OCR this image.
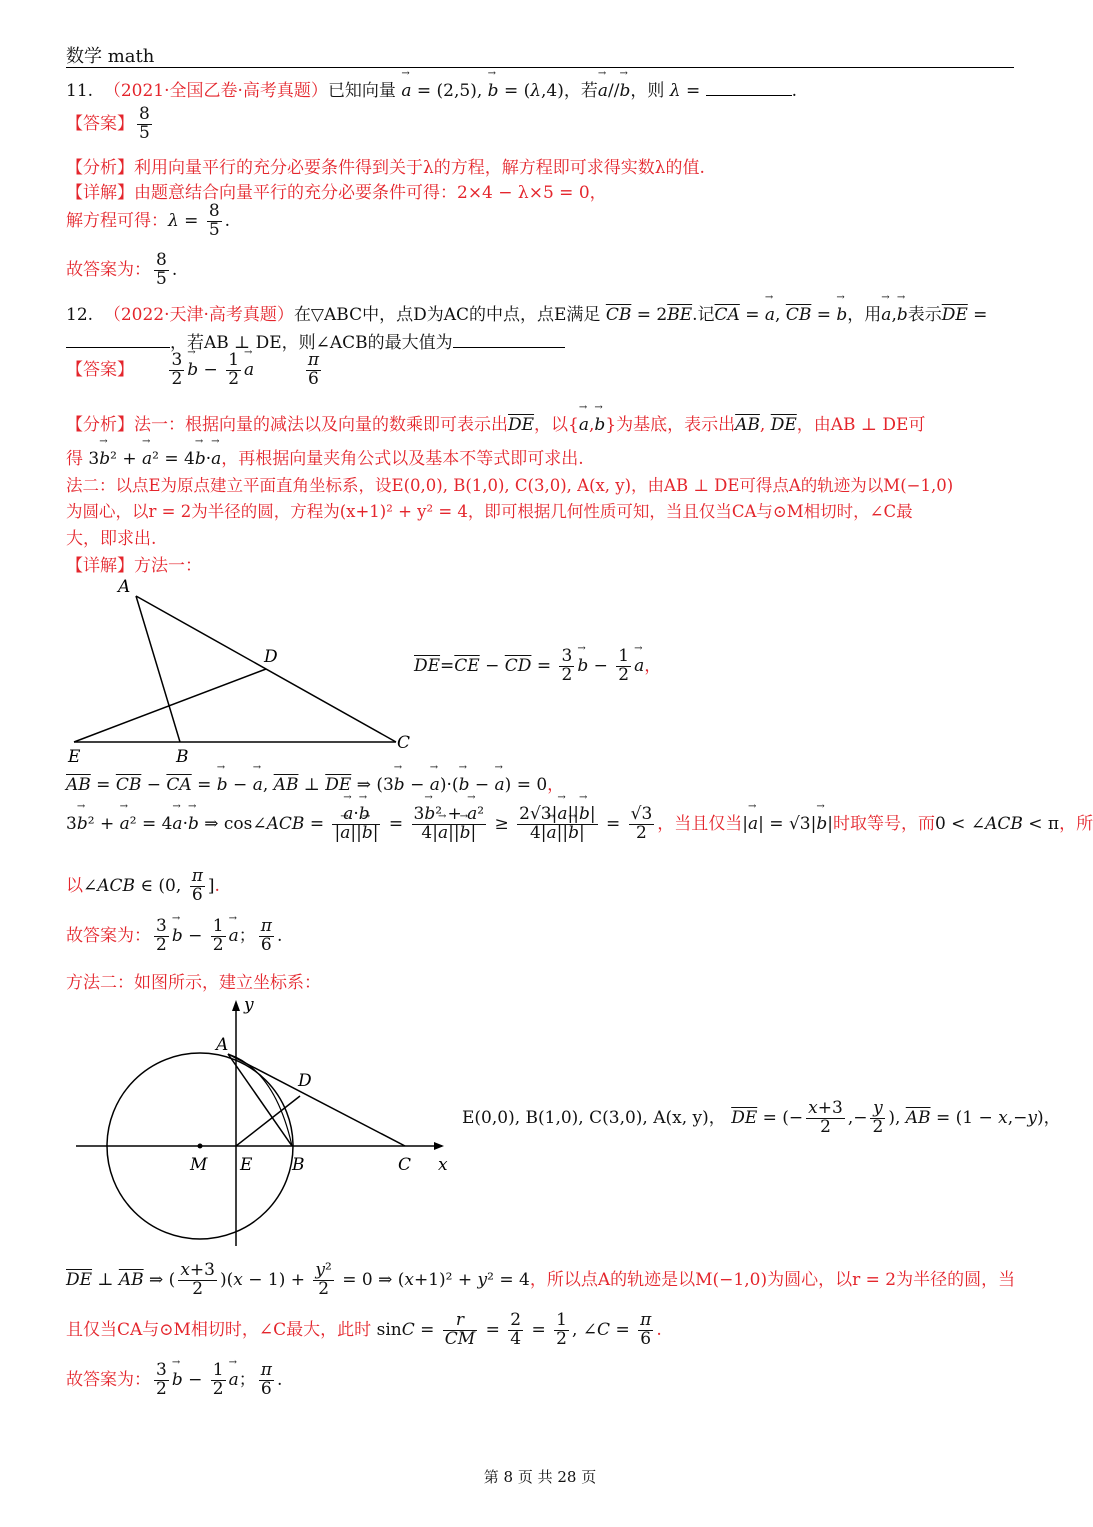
数学 math
11. （2021·全国乙卷·高考真题）已知向量 → a = (2,5), → b = (λ,4)，若→ a//→ b，则 λ =	.
【答案】 $\frac{8}{5}$
【分析】利用向量平行的充分必要条件得到关于λ的方程，解方程即可求得实数λ的值.
【详解】由题意结合向量平行的充分必要条件可得：2×4 − λ×5 = 0，
解方程可得：$\lambda = \frac{8}{5}$ .
故答案为： $\frac{8}{5}$ .
12. （2022·天津·高考真题）在▽ABC中，点D为AC的中点，点E满足 $\overline{CB} = 2\overline{BE}$.记$\overline{CA}$ = → a, $\overline{CB}$ = → b，用→ a,→ b表示$\overline{DE}$ =
，若AB ⊥ DE，则∠ACB的最大值为
【答案】 $\frac{3}{2} \to b - \frac{1}{2} \to a$	$\frac{\pi}{6}$
【分析】法一：根据向量的减法以及向量的数乘即可表示出$\overline{DE}$，以{→ a,→ b}为基底，表示出$\overline{AB}$, $\overline{DE}$，由AB ⊥ DE可
得 3→ b² + → a² = 4→ b·→ a，再根据向量夹角公式以及基本不等式即可求出.
法二：以点E为原点建立平面直角坐标系，设E(0,0), B(1,0), C(3,0), A(x, y)，由AB ⊥ DE可得点A的轨迹为以M(−1,0)
为圆心，以r = 2为半径的圆，方程为(x+1)² + y² = 4，即可根据几何性质可知，当且仅当CA与⊙M相切时，∠C最
大，即求出.
【详解】方法一：
A
D
C
E	B
$\overline{DE}=\overline{CE} - \overline{CD} = \frac{3}{2} \to b - \frac{1}{2} \to a$，
$\overline{AB} = \overline{CB} - \overline{CA}$ = → b − → a, $\overline{AB}$ ⊥ $\overline{DE}$ ⇒ (3→ b − → a)·(→ b − → a) = 0，
3→ b² + → a² = 4→ a·→ b ⇒ cos∠ACB = → $\frac{a\cdot\to b}{|\to a||\to b|} = \frac{\text{3→ b² + → a²}}{4|\to a||\to b|} \ge \frac{2√3|\to a||\to b|}{4|\to a||\to b|} = \frac{√3}{2}$ ，当且仅当|→ a| = √3|→ b|时取等号，而0 < ∠ACB < π，所
以∠ACB ∈ (0, $\frac{\pi}{6}$ ].
故答案为： $\frac{3}{2} \to b - \frac{1}{2} \to a$； $\frac{\pi}{6}$ .
方法二：如图所示，建立坐标系：
y
A
D
M E B	C x
E(0,0), B(1,0), C(3,0), A(x, y)， $\overline{DE}$ = (− $\frac{x+3}{2}$ ,− $\frac{y}{2}$ ), $\overline{AB} = (1 - x,-y)$，
$\overline{DE}$ ⊥ $\overline{AB}$ ⇒ ( $\frac{x+3}{2} )(x - 1) + \frac{\text{y²}}{2} = 0$ ⇒ (x+1)² + y² = 4，所以点A的轨迹是以M(−1,0)为圆心，以r = 2为半径的圆，当
且仅当CA与⊙M相切时，∠C最大，此时 $\sin C = \frac{r}{CM} = \frac{2}{4} = \frac{1}{2}$ , ∠C = $\frac{\pi}{6}$ .
故答案为： $\frac{3}{2} \to b - \frac{1}{2} \to a$； $\frac{\pi}{6}$ .
第 8 页 共 28 页
